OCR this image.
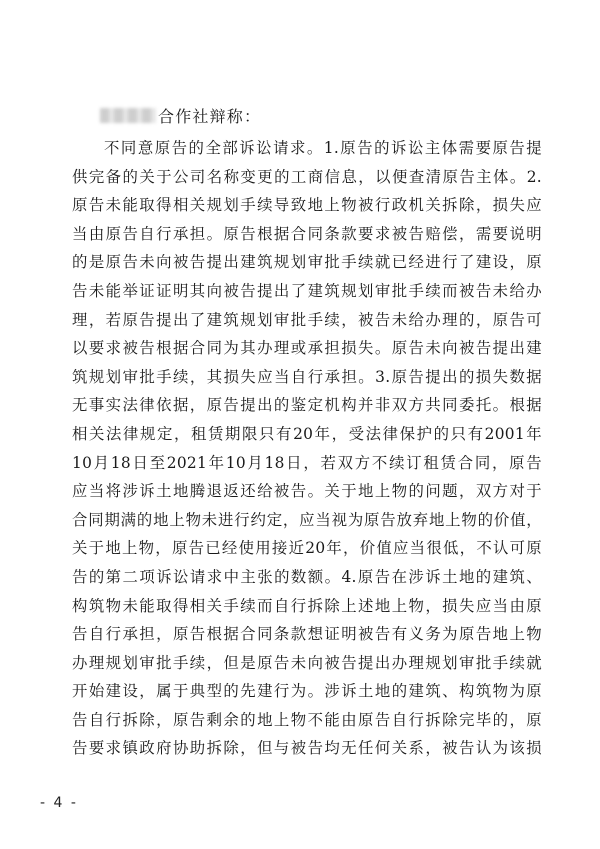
合作社辩称：
不同意原告的全部诉讼请求。1.原告的诉讼主体需要原告提
供完备的关于公司名称变更的工商信息，以便查清原告主体。2.
原告未能取得相关规划手续导致地上物被行政机关拆除，损失应
当由原告自行承担。原告根据合同条款要求被告赔偿，需要说明
的是原告未向被告提出建筑规划审批手续就已经进行了建设，原
告未能举证证明其向被告提出了建筑规划审批手续而被告未给办
理，若原告提出了建筑规划审批手续，被告未给办理的，原告可
以要求被告根据合同为其办理或承担损失。原告未向被告提出建
筑规划审批手续，其损失应当自行承担。3.原告提出的损失数据
无事实法律依据，原告提出的鉴定机构并非双方共同委托。根据
相关法律规定，租赁期限只有20年，受法律保护的只有2001年
10月18日至2021年10月18日，若双方不续订租赁合同，原告
应当将涉诉土地腾退返还给被告。关于地上物的问题，双方对于
合同期满的地上物未进行约定，应当视为原告放弃地上物的价值，
关于地上物，原告已经使用接近20年，价值应当很低，不认可原
告的第二项诉讼请求中主张的数额。4.原告在涉诉土地的建筑、
构筑物未能取得相关手续而自行拆除上述地上物，损失应当由原
告自行承担，原告根据合同条款想证明被告有义务为原告地上物
办理规划审批手续，但是原告未向被告提出办理规划审批手续就
开始建设，属于典型的先建行为。涉诉土地的建筑、构筑物为原
告自行拆除，原告剩余的地上物不能由原告自行拆除完毕的，原
告要求镇政府协助拆除，但与被告均无任何关系，被告认为该损
- 4 -
